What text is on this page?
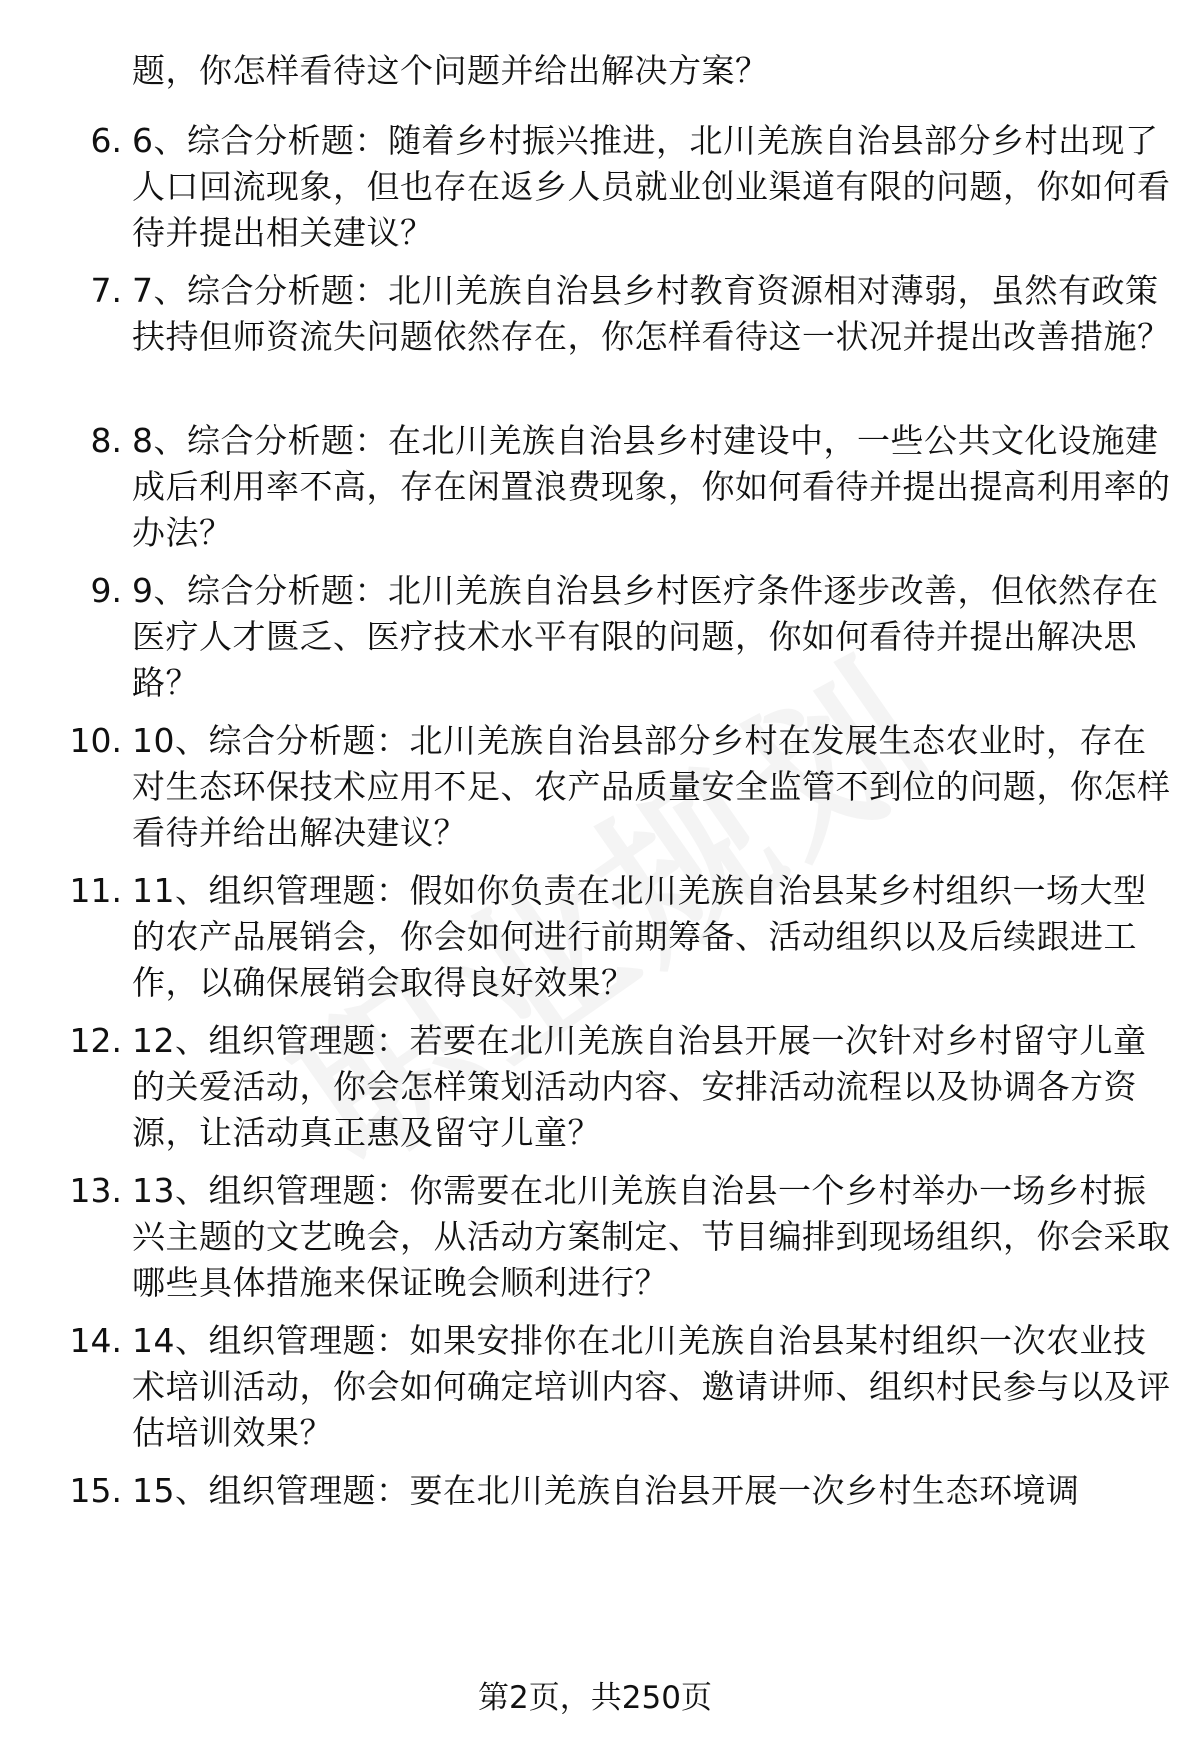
题，你怎样看待这个问题并给出解决方案？
6. 6、综合分析题：随着乡村振兴推进，北川羌族自治县部分乡村出现了人口回流现象，但也存在返乡人员就业创业渠道有限的问题，你如何看待并提出相关建议？
7. 7、综合分析题：北川羌族自治县乡村教育资源相对薄弱，虽然有政策扶持但师资流失问题依然存在，你怎样看待这一状况并提出改善措施？
8. 8、综合分析题：在北川羌族自治县乡村建设中，一些公共文化设施建成后利用率不高，存在闲置浪费现象，你如何看待并提出提高利用率的办法？
9. 9、综合分析题：北川羌族自治县乡村医疗条件逐步改善，但依然存在医疗人才匮乏、医疗技术水平有限的问题，你如何看待并提出解决思路？
10. 10、综合分析题：北川羌族自治县部分乡村在发展生态农业时，存在对生态环保技术应用不足、农产品质量安全监管不到位的问题，你怎样看待并给出解决建议？
11. 11、组织管理题：假如你负责在北川羌族自治县某乡村组织一场大型的农产品展销会，你会如何进行前期筹备、活动组织以及后续跟进工作，以确保展销会取得良好效果？
12. 12、组织管理题：若要在北川羌族自治县开展一次针对乡村留守儿童的关爱活动，你会怎样策划活动内容、安排活动流程以及协调各方资源，让活动真正惠及留守儿童？
13. 13、组织管理题：你需要在北川羌族自治县一个乡村举办一场乡村振兴主题的文艺晚会，从活动方案制定、节目编排到现场组织，你会采取哪些具体措施来保证晚会顺利进行？
14. 14、组织管理题：如果安排你在北川羌族自治县某村组织一次农业技术培训活动，你会如何确定培训内容、邀请讲师、组织村民参与以及评估培训效果？
15. 15、组织管理题：要在北川羌族自治县开展一次乡村生态环境调
第2页，共250页
